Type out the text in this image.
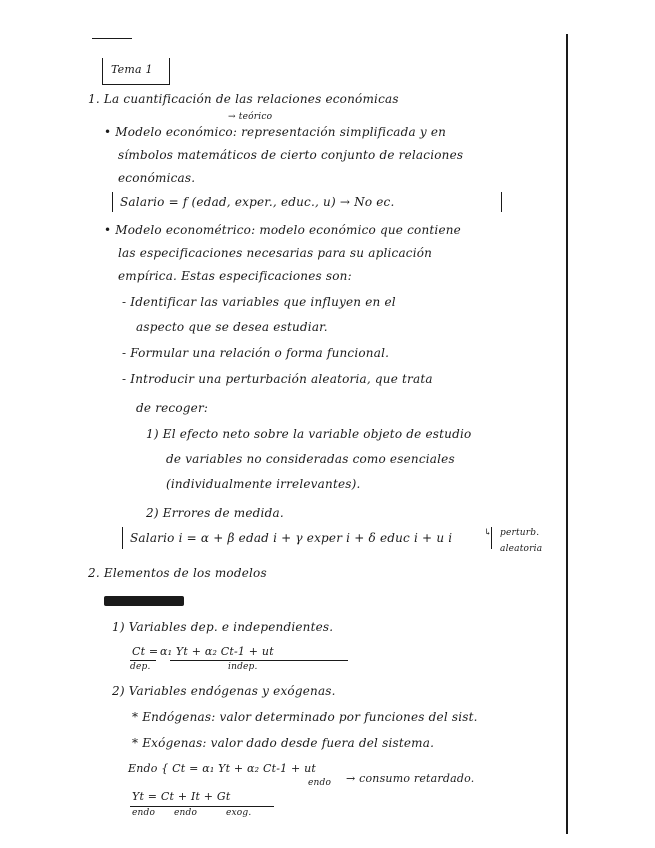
Tema 1
1. La cuantificación de las relaciones económicas
→ teórico
• Modelo económico: representación simplificada y en
símbolos matemáticos de cierto conjunto de relaciones
económicas.
Salario = f (edad, exper., educ., u) → No ec.
• Modelo econométrico: modelo económico que contiene
las especificaciones necesarias para su aplicación
empírica. Estas especificaciones son:
- Identificar las variables que influyen en el
aspecto que se desea estudiar.
- Formular una relación o forma funcional.
- Introducir una perturbación aleatoria, que trata
de recoger:
1) El efecto neto sobre la variable objeto de estudio
de variables no consideradas como esenciales
(individualmente irrelevantes).
2) Errores de medida.
Salario i = α + β edad i + γ exper i + δ educ i + u i	↳ perturb.
aleatoria
2. Elementos de los modelos
1) Variables dep. e independientes.
Ct = α₁ Yt + α₂ Ct-1 + ut
dep.	indep.
2) Variables endógenas y exógenas.
* Endógenas: valor determinado por funciones del sist.
* Exógenas: valor dado desde fuera del sistema.
Endo { Ct = α₁ Yt + α₂ Ct-1 + ut
endo → consumo retardado.
Yt = Ct + It + Gt
endo endo	exog.
